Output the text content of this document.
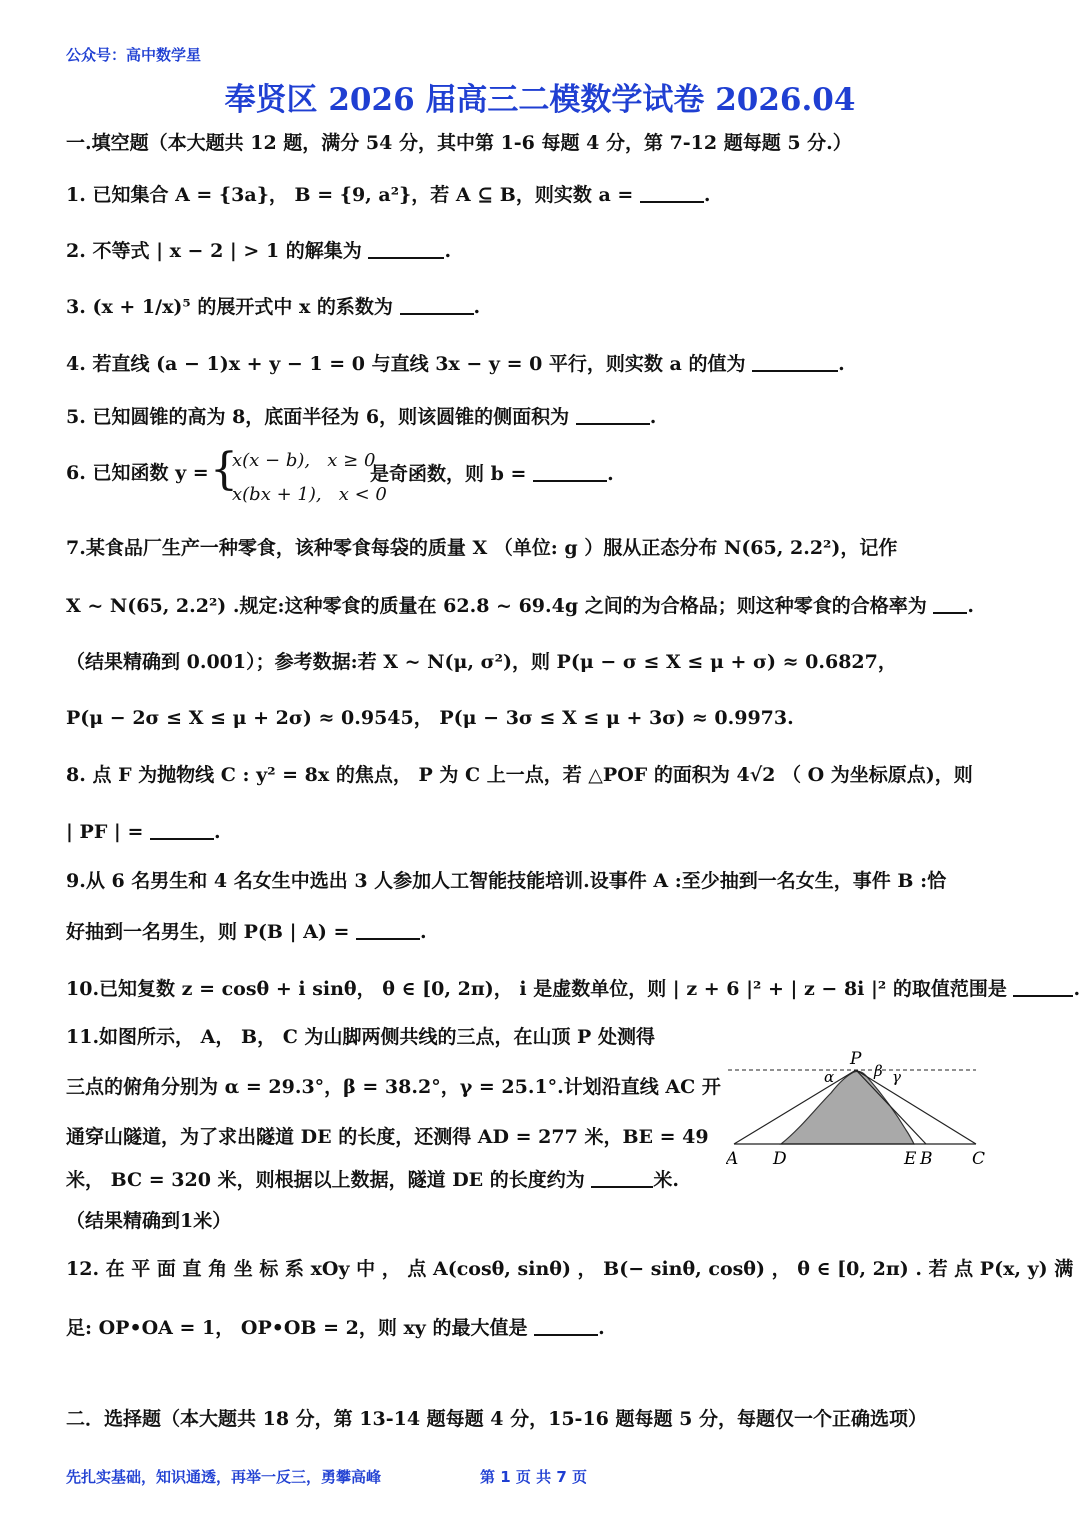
公众号：高中数学星
奉贤区 2026 届高三二模数学试卷 2026.04
一.填空题（本大题共 12 题，满分 54 分，其中第 1-6 每题 4 分，第 7-12 题每题 5 分.）
1. 已知集合 A = {3a}， B = {9, a²}，若 A ⊆ B，则实数 a =	.
2. 不等式 | x − 2 | > 1 的解集为	.
3. (x + 1/x)⁵ 的展开式中 x 的系数为	.
4. 若直线 (a − 1)x + y − 1 = 0 与直线 3x − y = 0 平行，则实数 a 的值为	.
5. 已知圆锥的高为 8，底面半径为 6，则该圆锥的侧面积为	.
6. 已知函数 y = {
x(x − b),   x ≥ 0
x(bx + 1),   x < 0
是奇函数，则 b =	.
7.某食品厂生产一种零食，该种零食每袋的质量 X （单位: g ）服从正态分布 N(65, 2.2²)，记作
X ~ N(65, 2.2²) .规定:这种零食的质量在 62.8 ~ 69.4g 之间的为合格品；则这种零食的合格率为 .
（结果精确到 0.001）；参考数据:若 X ~ N(μ, σ²)，则 P(μ − σ ≤ X ≤ μ + σ) ≈ 0.6827，
P(μ − 2σ ≤ X ≤ μ + 2σ) ≈ 0.9545， P(μ − 3σ ≤ X ≤ μ + 3σ) ≈ 0.9973.
8. 点 F 为抛物线 C : y² = 8x 的焦点， P 为 C 上一点，若 △POF 的面积为 4√2 （ O 为坐标原点)，则
| PF | =	.
9.从 6 名男生和 4 名女生中选出 3 人参加人工智能技能培训.设事件 A :至少抽到一名女生，事件 B :恰
好抽到一名男生，则 P(B | A) =	.
10.已知复数 z = cosθ + i sinθ， θ ∈ [0, 2π)， i 是虚数单位，则 | z + 6 |² + | z − 8i |² 的取值范围是	.
11.如图所示， A， B， C 为山脚两侧共线的三点，在山顶 P 处测得
三点的俯角分别为 α = 29.3°，β = 38.2°，γ = 25.1°.计划沿直线 AC 开
通穿山隧道，为了求出隧道 DE 的长度，还测得 AD = 277 米，BE = 49
米， BC = 320 米，则根据以上数据，隧道 DE 的长度约为	米.
（结果精确到1米）
P
α	β γ
A D	E B C
12. 在 平 面 直 角 坐 标 系 xOy 中 ， 点 A(cosθ, sinθ) ， B(− sinθ, cosθ) ， θ ∈ [0, 2π) . 若 点 P(x, y) 满
足: OP•OA = 1， OP•OB = 2，则 xy 的最大值是	.
二．选择题（本大题共 18 分，第 13-14 题每题 4 分，15-16 题每题 5 分，每题仅一个正确选项）
先扎实基础，知识通透，再举一反三，勇攀高峰	第 1 页 共 7 页
